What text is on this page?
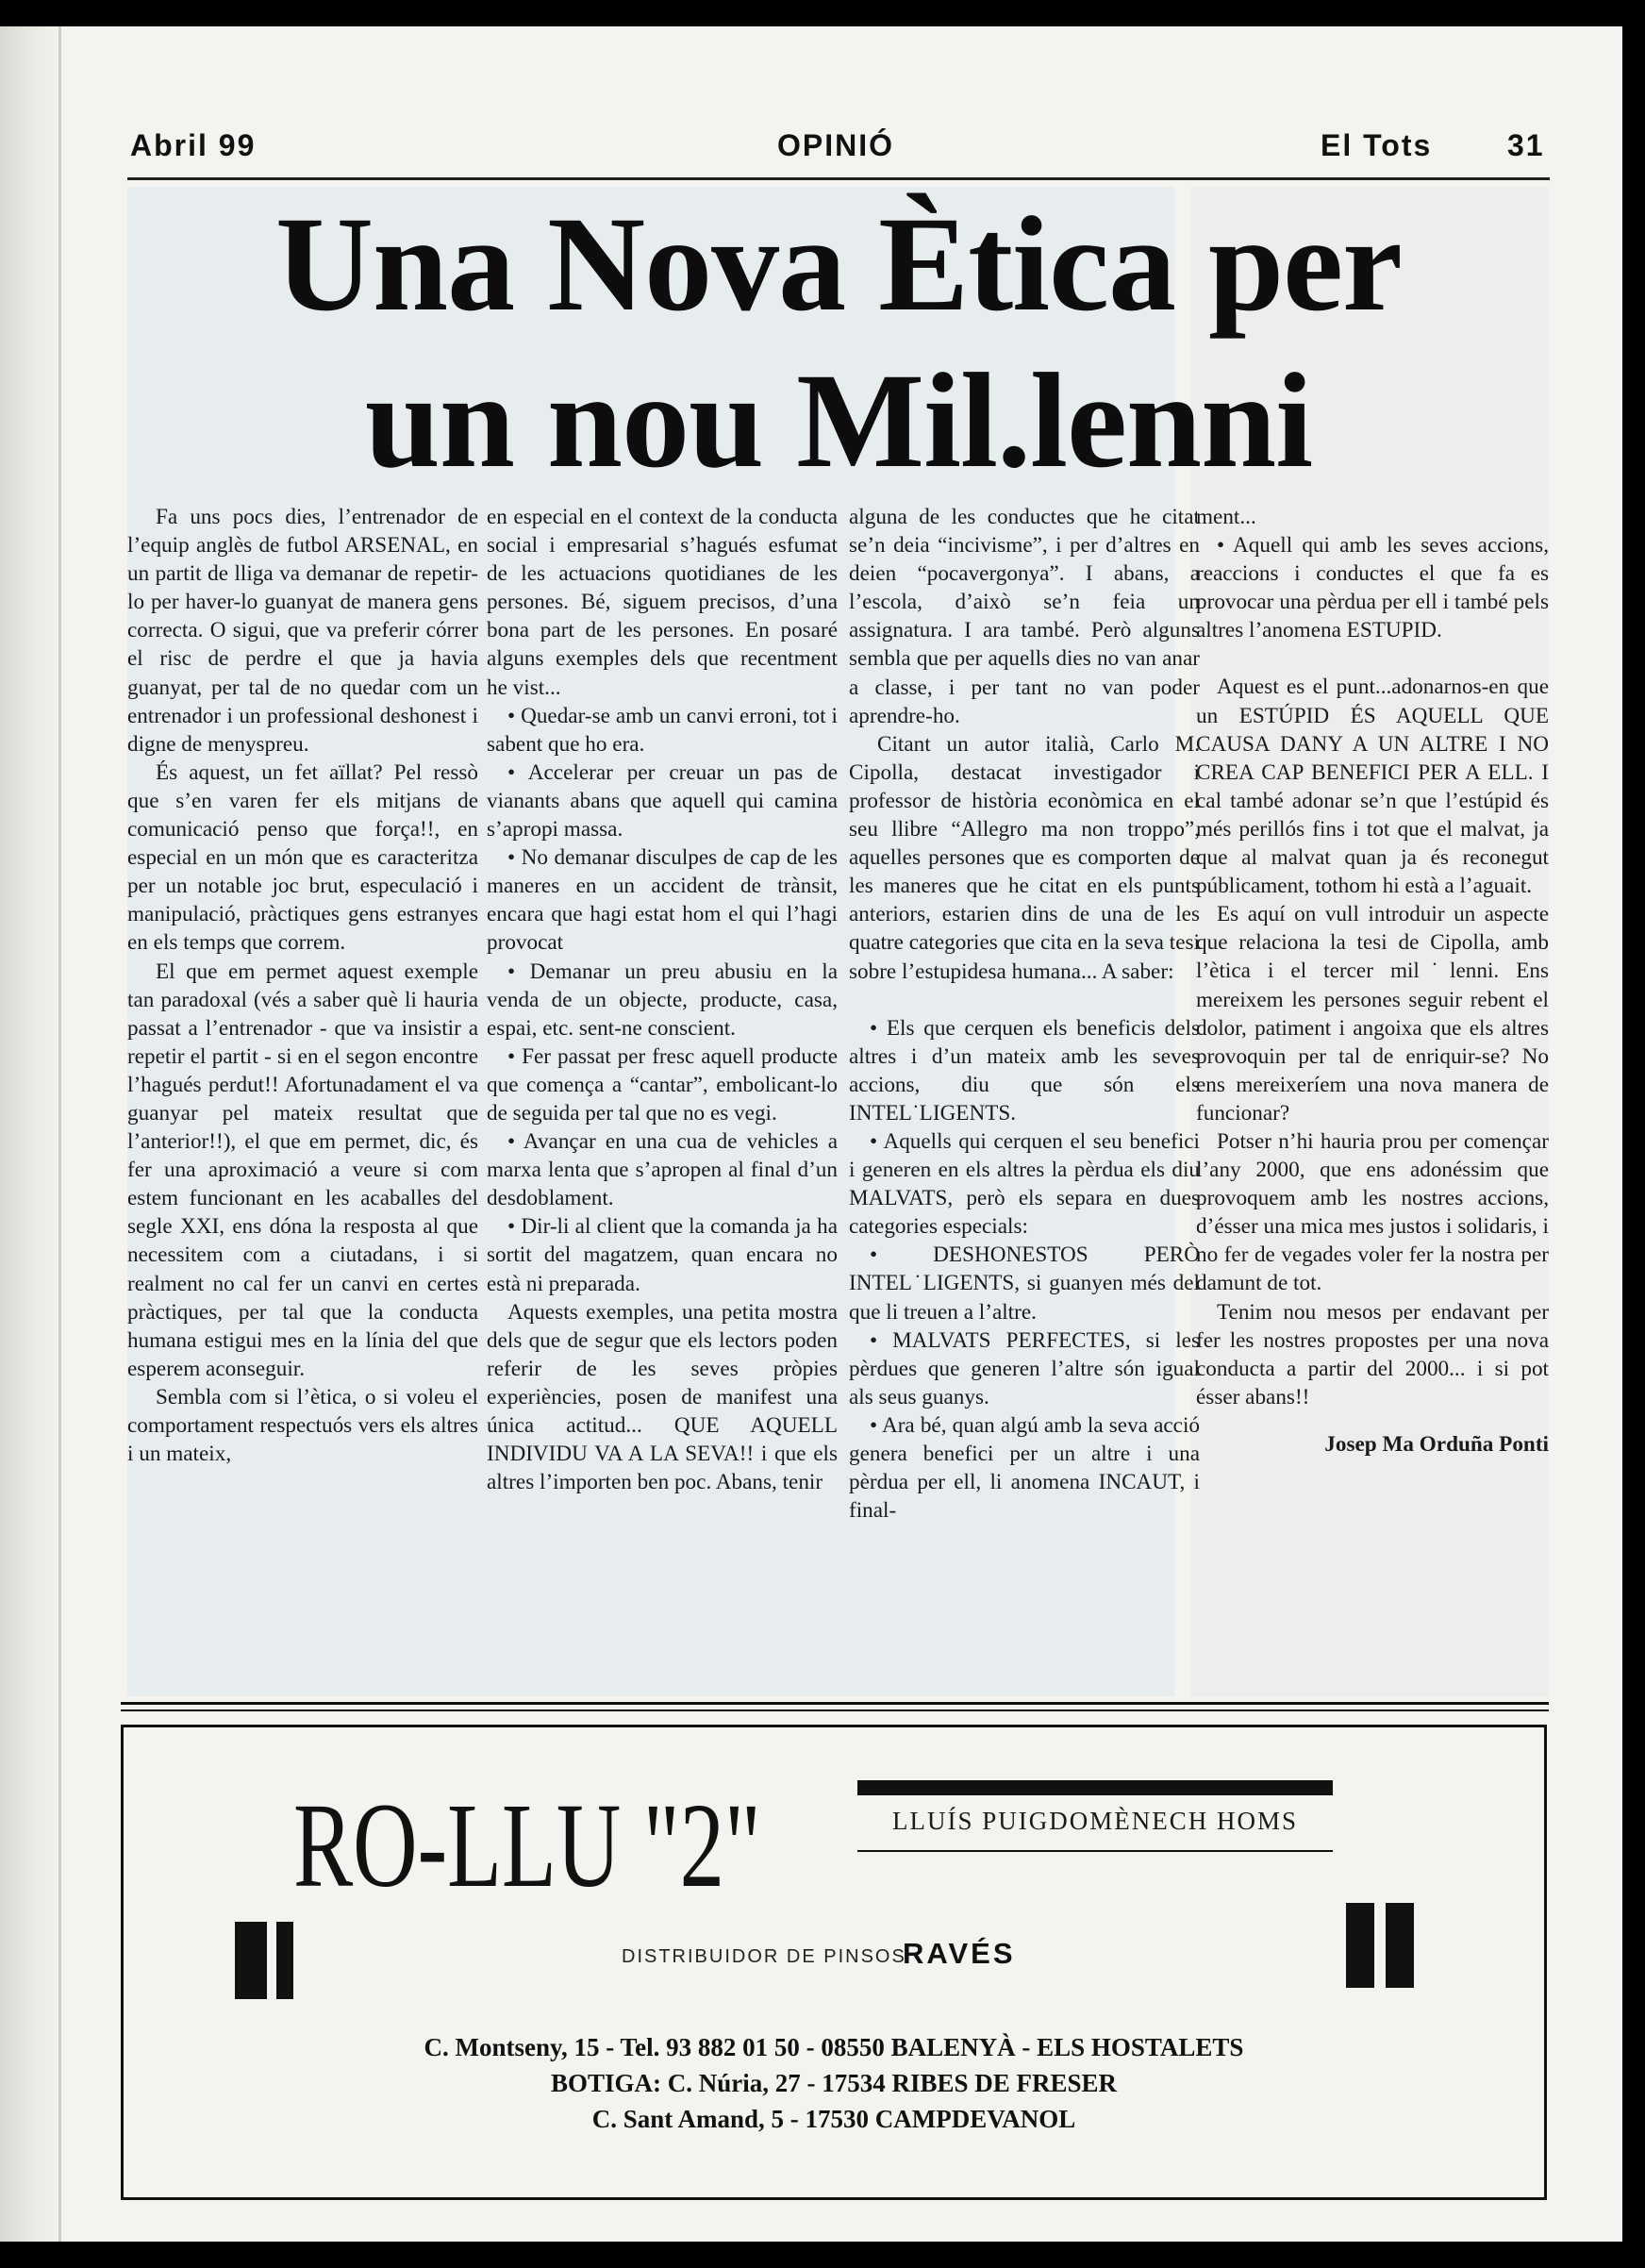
Abril 99	OPINIÓ	El Tots 31
Una Nova Ètica per
un nou Mil.lenni

Fa uns pocs dies, l’entrenador de l’equip anglès de futbol ARSENAL, en un partit de lliga va demanar de repetir-lo per haver-lo guanyat de manera gens correcta. O sigui, que va preferir córrer el risc de perdre el que ja havia guanyat, per tal de no quedar com un entrenador i un professional deshonest i digne de menyspreu.

És aquest, un fet aïllat? Pel ressò que s’en varen fer els mitjans de comunicació penso que força!!, en especial en un món que es caracteritza per un notable joc brut, especulació i manipulació, pràctiques gens estranyes en els temps que correm.

El que em permet aquest exemple tan paradoxal (vés a saber què li hauria passat a l’entrenador - que va insistir a repetir el partit - si en el segon encontre l’hagués perdut!! Afortunadament el va guanyar pel mateix resultat que l’anterior!!), el que em permet, dic, és fer una aproximació a veure si com estem funcionant en les acaballes del segle XXI, ens dóna la resposta al que necessitem com a ciutadans, i si realment no cal fer un canvi en certes pràctiques, per tal que la conducta humana estigui mes en la línia del que esperem aconseguir.

Sembla com si l’ètica, o si voleu el comportament respectuós vers els altres i un mateix,

en especial en el context de la conducta social i empresarial s’hagués esfumat de les actuacions quotidianes de les persones. Bé, siguem precisos, d’una bona part de les persones. En posaré alguns exemples dels que recentment he vist...

• Quedar-se amb un canvi erroni, tot i sabent que ho era.

• Accelerar per creuar un pas de vianants abans que aquell qui camina s’apropi massa.

• No demanar disculpes de cap de les maneres en un accident de trànsit, encara que hagi estat hom el qui l’hagi provocat

• Demanar un preu abusiu en la venda de un objecte, producte, casa, espai, etc. sent-ne conscient.

• Fer passat per fresc aquell producte que comença a “cantar”, embolicant-lo de seguida per tal que no es vegi.

• Avançar en una cua de vehicles a marxa lenta que s’apropen al final d’un desdoblament.

• Dir-li al client que la comanda ja ha sortit del magatzem, quan encara no està ni preparada.

Aquests exemples, una petita mostra dels que de segur que els lectors poden referir de les seves pròpies experiències, posen de manifest una única actitud... QUE AQUELL INDIVIDU VA A LA SEVA!! i que els altres l’importen ben poc. Abans, tenir

alguna de les conductes que he citat se’n deia “incivisme”, i per d’altres en deien “pocavergonya”. I abans, a l’escola, d’això se’n feia un assignatura. I ara també. Però alguns sembla que per aquells dies no van anar a classe, i per tant no van poder aprendre-ho.

Citant un autor italià, Carlo M. Cipolla, destacat investigador i professor de història econòmica en el seu llibre “Allegro ma non troppo”, aquelles persones que es comporten de les maneres que he citat en els punts anteriors, estarien dins de una de les quatre categories que cita en la seva tesi sobre l’estupidesa humana... A saber:

• Els que cerquen els beneficis dels altres i d’un mateix amb les seves accions, diu que són els INTEL˙LIGENTS.

• Aquells qui cerquen el seu benefici i generen en els altres la pèrdua els diu MALVATS, però els separa en dues categories especials:

• DESHONESTOS PERÒ INTEL˙LIGENTS, si guanyen més del que li treuen a l’altre.

• MALVATS PERFECTES, si les pèrdues que generen l’altre són igual als seus guanys.

• Ara bé, quan algú amb la seva acció genera benefici per un altre i una pèrdua per ell, li anomena INCAUT, i final-

ment...

• Aquell qui amb les seves accions, reaccions i conductes el que fa es provocar una pèrdua per ell i també pels altres l’anomena ESTUPID.

Aquest es el punt...adonarnos-en que un ESTÚPID ÉS AQUELL QUE CAUSA DANY A UN ALTRE I NO CREA CAP BENEFICI PER A ELL. I cal també adonar se’n que l’estúpid és més perillós fins i tot que el malvat, ja que al malvat quan ja és reconegut públicament, tothom hi està a l’aguait.

Es aquí on vull introduir un aspecte que relaciona la tesi de Cipolla, amb l’ètica i el tercer mil˙lenni. Ens mereixem les persones seguir rebent el dolor, patiment i angoixa que els altres provoquin per tal de enriquir-se? No ens mereixeríem una nova manera de funcionar?

Potser n’hi hauria prou per començar l’any 2000, que ens adonéssim que provoquem amb les nostres accions, d’ésser una mica mes justos i solidaris, i no fer de vegades voler fer la nostra per damunt de tot.

Tenim nou mesos per endavant per fer les nostres propostes per una nova conducta a partir del 2000... i si pot ésser abans!!

Josep Ma Orduña Ponti

RO-LLU "2"	LLUÍS PUIGDOMÈNECH HOMS
DISTRIBUIDOR DE PINSOS
RAVÉS
C. Montseny, 15 - Tel. 93 882 01 50 - 08550 BALENYÀ - ELS HOSTALETS
BOTIGA: C. Núria, 27 - 17534 RIBES DE FRESER
C. Sant Amand, 5 - 17530 CAMPDEVANOL
